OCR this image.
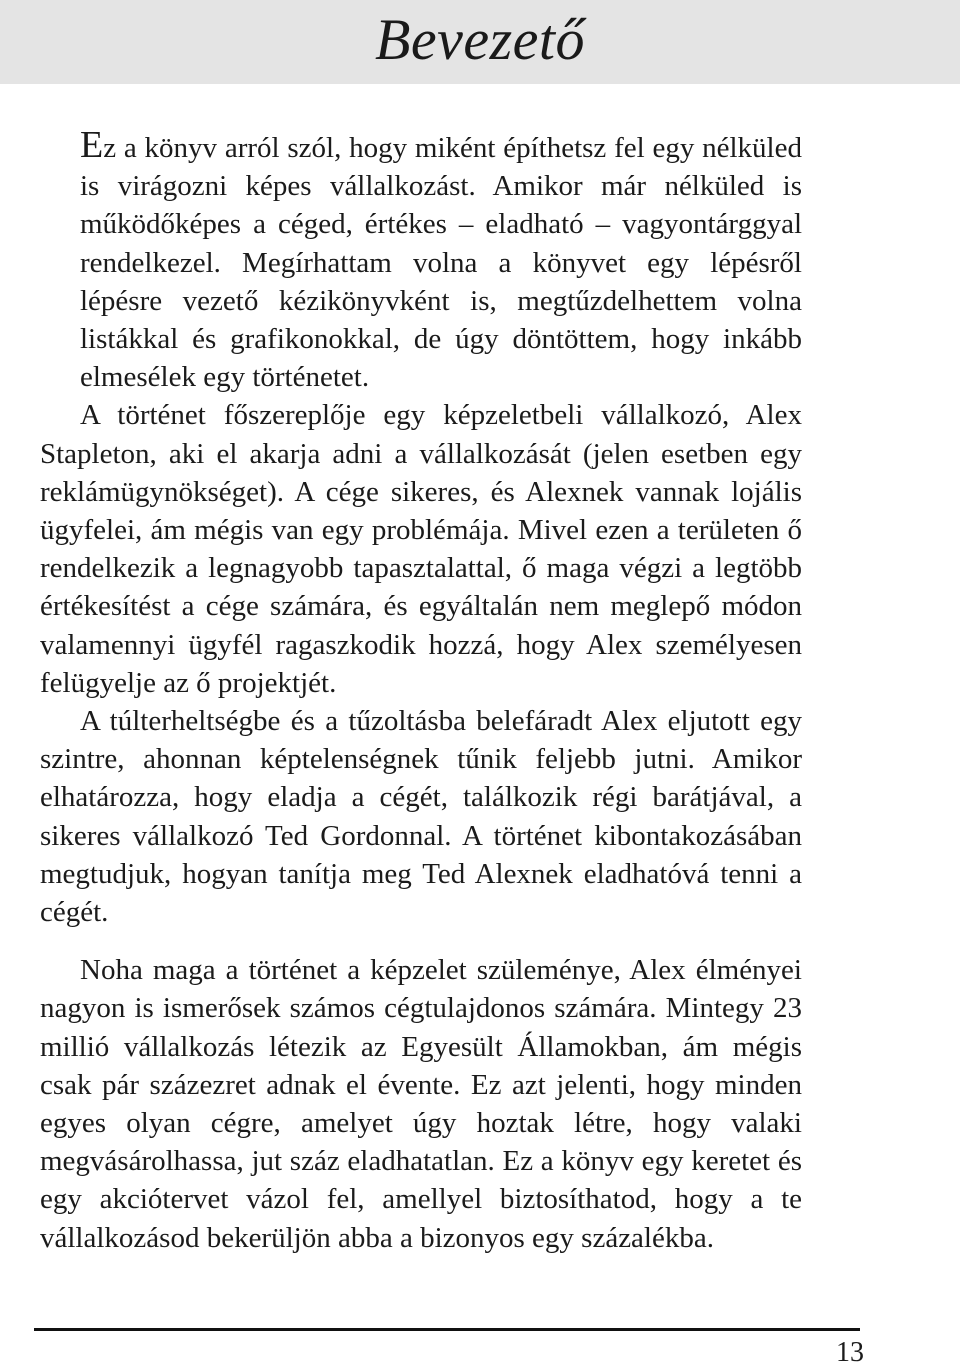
Bevezető

Ez a könyv arról szól, hogy miként építhetsz fel egy nélküled is virágozni képes vállalkozást. Amikor már nélküled is működőképes a céged, értékes – eladható – vagyontárggyal rendelkezel. Megírhattam volna a könyvet egy lépésről lépésre vezető kézikönyvként is, megtűzdelhettem volna listákkal és grafikonokkal, de úgy döntöttem, hogy inkább elmesélek egy történetet.

A történet főszereplője egy képzeletbeli vállalkozó, Alex Stapleton, aki el akarja adni a vállalkozását (jelen esetben egy reklámügynökséget). A cége sikeres, és Alexnek vannak lojális ügyfelei, ám mégis van egy problémája. Mivel ezen a területen ő rendelkezik a legnagyobb tapasztalattal, ő maga végzi a legtöbb értékesítést a cége számára, és egyáltalán nem meglepő módon valamennyi ügyfél ragaszkodik hozzá, hogy Alex személyesen felügyelje az ő projektjét.

A túlterheltségbe és a tűzoltásba belefáradt Alex eljutott egy szintre, ahonnan képtelenségnek tűnik feljebb jutni. Amikor elhatározza, hogy eladja a cégét, találkozik régi barátjával, a sikeres vállalkozó Ted Gordonnal. A történet kibontakozásában megtudjuk, hogyan tanítja meg Ted Alexnek eladhatóvá tenni a cégét.

Noha maga a történet a képzelet szüleménye, Alex élményei nagyon is ismerősek számos cégtulajdonos számára. Mintegy 23 millió vállalkozás létezik az Egyesült Államokban, ám mégis csak pár százezret adnak el évente. Ez azt jelenti, hogy minden egyes olyan cégre, amelyet úgy hoztak létre, hogy valaki megvásárolhassa, jut száz eladhatatlan. Ez a könyv egy keretet és egy akciótervet vázol fel, amellyel biztosíthatod, hogy a te vállalkozásod bekerüljön abba a bizonyos egy százalékba.

13
